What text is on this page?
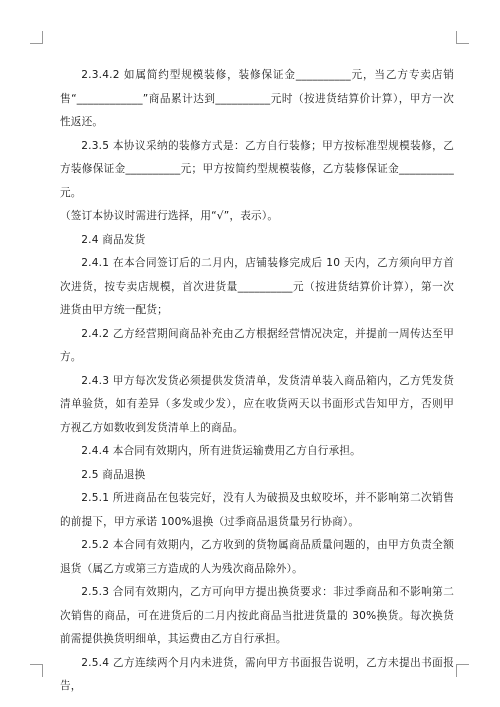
2.3.4.2 如属简约型规模装修，装修保证金__________元，当乙方专卖店销售“____________”商品累计达到__________元时（按进货结算价计算），甲方一次性返还。

2.3.5 本协议采纳的装修方式是：乙方自行装修；甲方按标准型规模装修，乙方装修保证金__________元；甲方按简约型规模装修，乙方装修保证金__________元。

（签订本协议时需进行选择，用“√”，表示）。

2.4 商品发货

2.4.1 在本合同签订后的二月内，店铺装修完成后 10 天内，乙方须向甲方首次进货，按专卖店规模，首次进货量__________元（按进货结算价计算），第一次进货由甲方统一配货；

2.4.2 乙方经营期间商品补充由乙方根据经营情况决定，并提前一周传达至甲方。

2.4.3 甲方每次发货必须提供发货清单，发货清单装入商品箱内，乙方凭发货清单验货，如有差异（多发或少发），应在收货两天以书面形式告知甲方，否则甲方视乙方如数收到发货清单上的商品。

2.4.4 本合同有效期内，所有进货运输费用乙方自行承担。

2.5 商品退换

2.5.1 所进商品在包装完好，没有人为破损及虫蚁咬坏，并不影响第二次销售的前提下，甲方承诺 100%退换（过季商品退货量另行协商）。

2.5.2 本合同有效期内，乙方收到的货物属商品质量问题的，由甲方负责全额退货（属乙方或第三方造成的人为残次商品除外）。

2.5.3 合同有效期内，乙方可向甲方提出换货要求：非过季商品和不影响第二次销售的商品，可在进货后的二月内按此商品当批进货量的 30%换货。每次换货前需提供换货明细单，其运费由乙方自行承担。

2.5.4 乙方连续两个月内未进货，需向甲方书面报告说明，乙方未提出书面报告，
